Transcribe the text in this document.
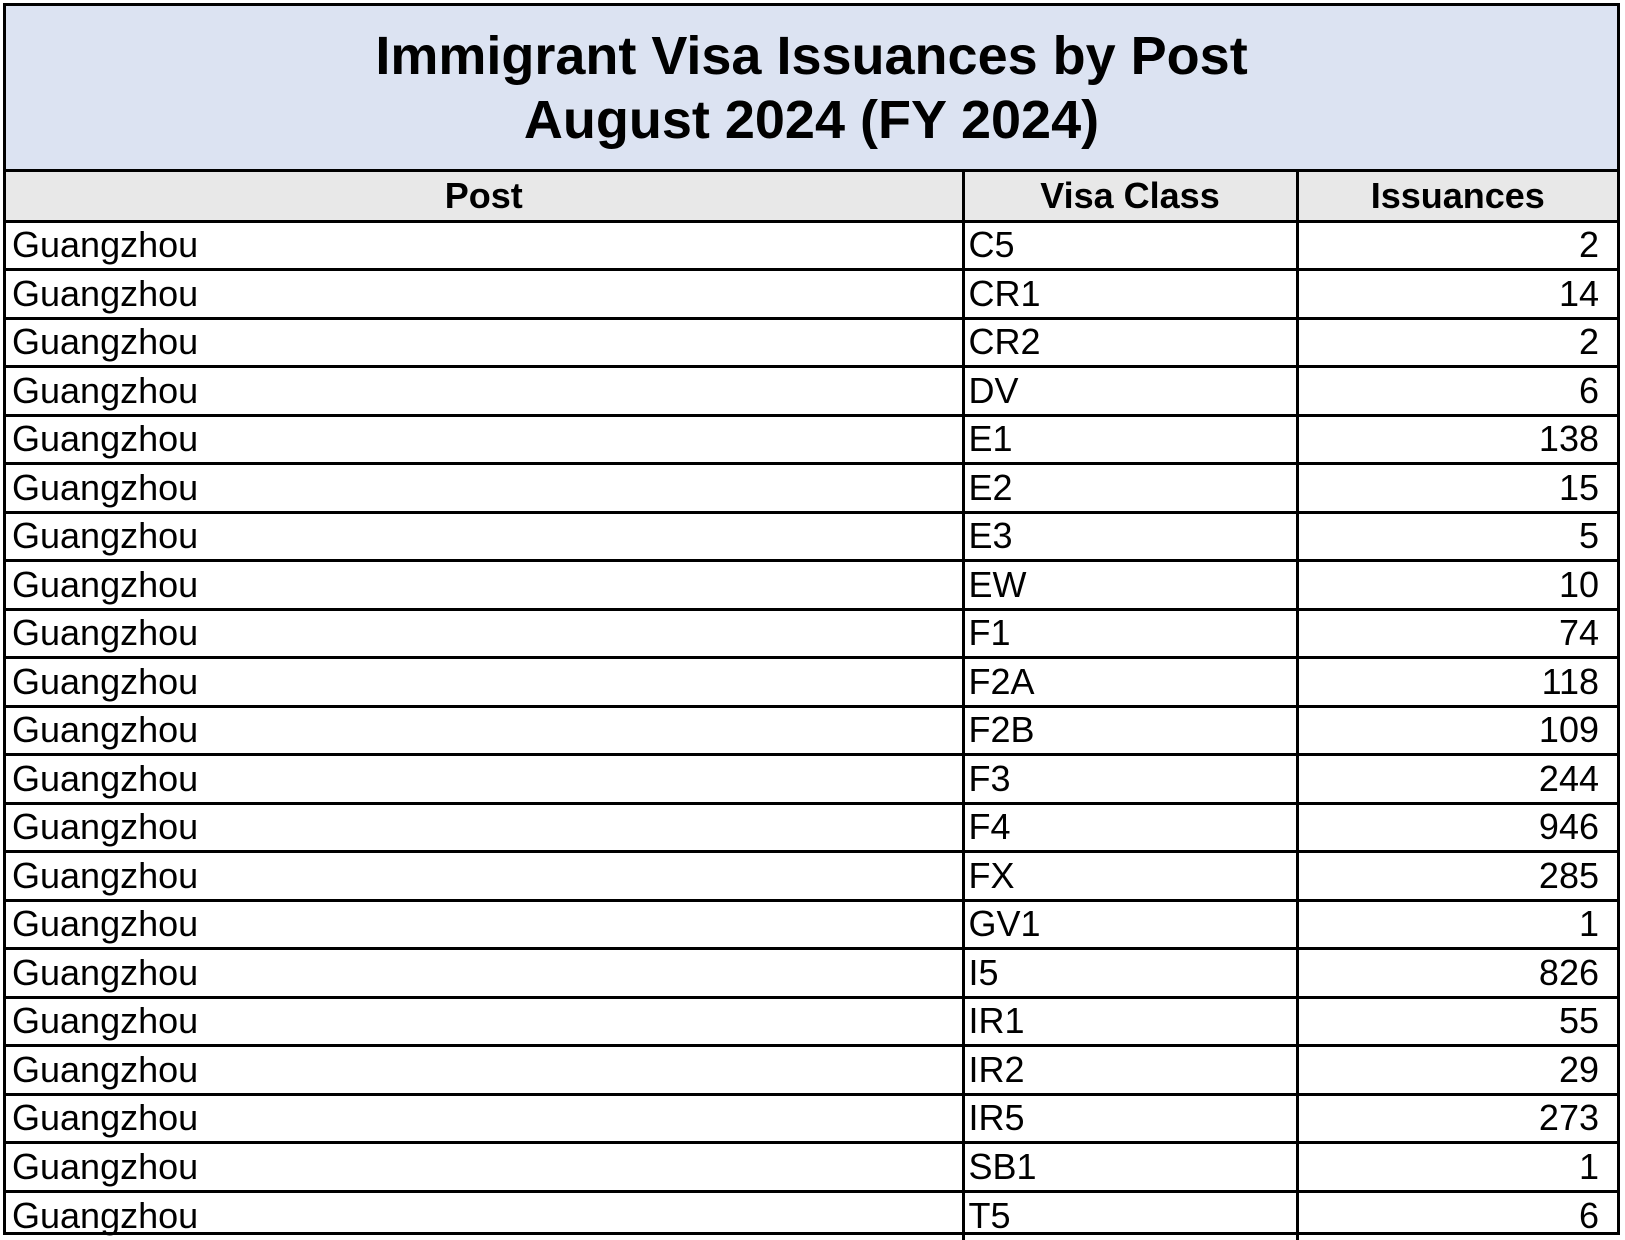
Immigrant Visa Issuances by Post
August 2024 (FY 2024)
Post	Visa Class	Issuances
Guangzhou	C5	2
Guangzhou	CR1	14
Guangzhou	CR2	2
Guangzhou	DV	6
Guangzhou	E1	138
Guangzhou	E2	15
Guangzhou	E3	5
Guangzhou	EW	10
Guangzhou	F1	74
Guangzhou	F2A	118
Guangzhou	F2B	109
Guangzhou	F3	244
Guangzhou	F4	946
Guangzhou	FX	285
Guangzhou	GV1	1
Guangzhou	I5	826
Guangzhou	IR1	55
Guangzhou	IR2	29
Guangzhou	IR5	273
Guangzhou	SB1	1
Guangzhou	T5	6
